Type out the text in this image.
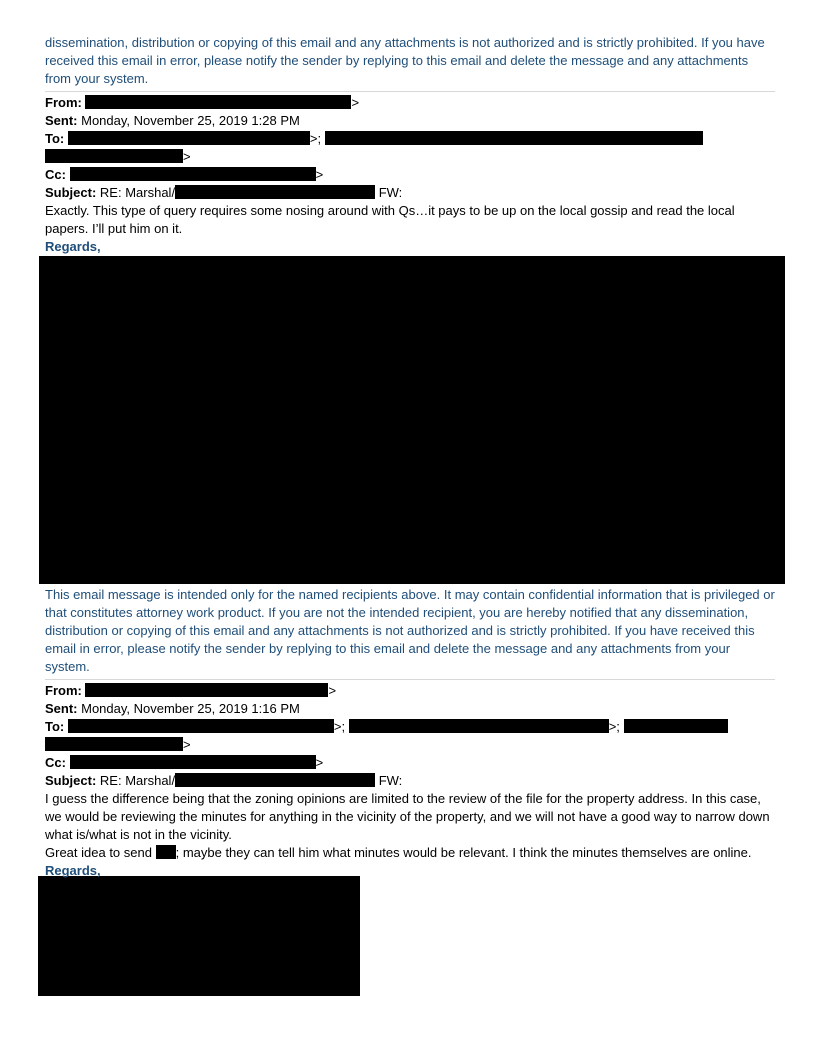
dissemination, distribution or copying of this email and any attachments is not authorized and is strictly prohibited. If you have received this email in error, please notify the sender by replying to this email and delete the message and any attachments from your system.

From:	>

Sent: Monday, November 25, 2019 1:28 PM

To:	>;

>

Cc:	>

Subject: RE: Marshal/	FW:

Exactly. This type of query requires some nosing around with Qs…it pays to be up on the local gossip and read the local papers. I’ll put him on it.

Regards,

This email message is intended only for the named recipients above. It may contain confidential information that is privileged or that constitutes attorney work product. If you are not the intended recipient, you are hereby notified that any dissemination, distribution or copying of this email and any attachments is not authorized and is strictly prohibited. If you have received this email in error, please notify the sender by replying to this email and delete the message and any attachments from your system.

From:	>

Sent: Monday, November 25, 2019 1:16 PM

To:	>;	>;

>

Cc:	>

Subject: RE: Marshal/	FW:

I guess the difference being that the zoning opinions are limited to the review of the file for the property address. In this case, we would be reviewing the minutes for anything in the vicinity of the property, and we will not have a good way to narrow down what is/what is not in the vicinity.

Great idea to send ; maybe they can tell him what minutes would be relevant. I think the minutes themselves are online.

Regards,
